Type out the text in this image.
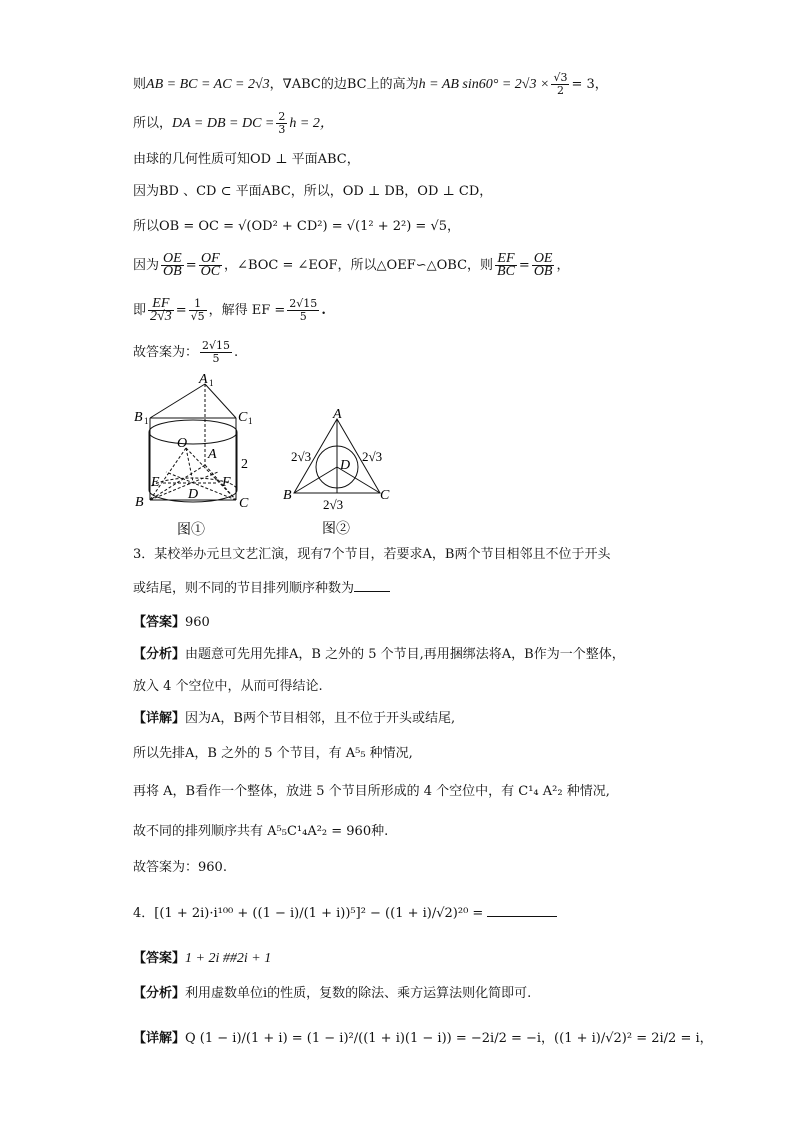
则AB = BC = AC = 2√3，∇ABC的边BC上的高为h = AB $\sin 60^\circ = 2√3 \times \frac{√3}{2} = 3$，
所以，DA = DB = DC = $\frac{2}{3}$ h = 2，
由球的几何性质可知OD ⊥ 平面ABC，
因为BD 、CD ⊂ 平面ABC，所以，OD ⊥ DB，OD ⊥ CD，
所以OB = OC = √(OD² + CD²) = √(1² + 2²) = √5，
因为 $\frac{OE}{OB} = \frac{OF}{OC}$ ，∠BOC = ∠EOF，所以△OEF∽△OBC，则 $\frac{EF}{BC} = \frac{OE}{OB}$ ，
即 $\frac{EF}{2√3} = \frac{1}{√5}$ ，解得 EF = $\frac{2√15}{5}$ .
故答案为： $\frac{2√15}{5}$ .
A 1
B 1	C 1
O
A
2
E	F
D
B	C
图①
A
D
2√3	2√3
B	C
2√3
图②
3．某校举办元旦文艺汇演，现有7个节目，若要求A，B两个节目相邻且不位于开头
或结尾，则不同的节目排列顺序种数为
【答案】960
【分析】由题意可先用先排A，B 之外的 5 个节目,再用捆绑法将A，B作为一个整体，
放入 4 个空位中，从而可得结论.
【详解】因为A，B两个节目相邻，且不位于开头或结尾,
所以先排A，B 之外的 5 个节目，有 A⁵₅ 种情况,
再将 A，B看作一个整体，放进 5 个节目所形成的 4 个空位中，有 C¹₄ A²₂ 种情况,
故不同的排列顺序共有 A⁵₅C¹₄A²₂ = 960种.
故答案为：960.
4．[(1 + 2i)·i¹⁰⁰ + ((1 − i)/(1 + i))⁵]² − ((1 + i)/√2)²⁰ =
【答案】1 + 2i ##2i + 1
【分析】利用虚数单位i的性质，复数的除法、乘方运算法则化简即可.
【详解】Q (1 − i)/(1 + i) = (1 − i)²/((1 + i)(1 − i)) = −2i/2 = −i，((1 + i)/√2)² = 2i/2 = i，
